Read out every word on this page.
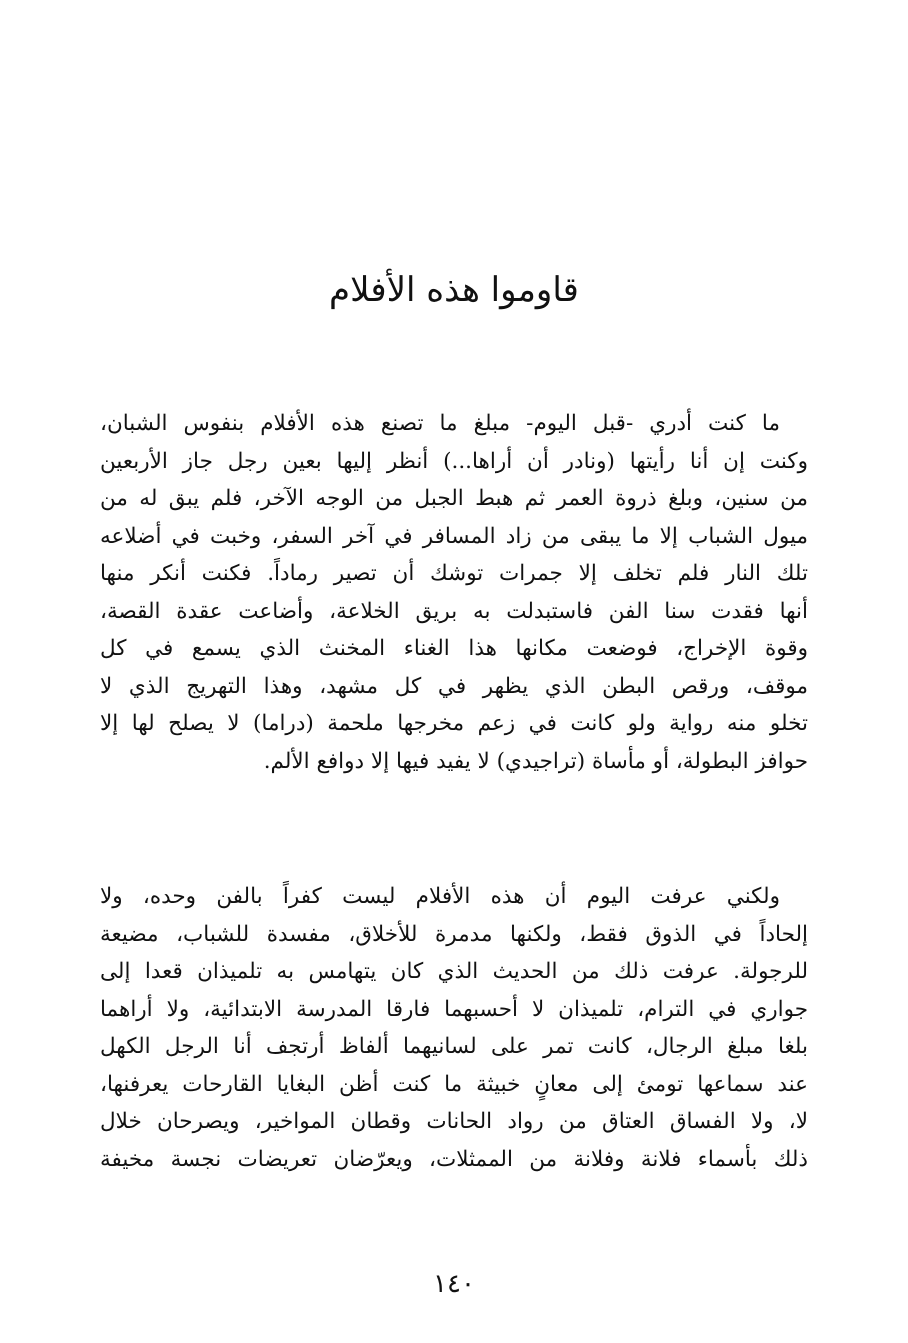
قاوموا هذه الأفلام

ما كنت أدري -قبل اليوم- مبلغ ما تصنع هذه الأفلام بنفوس الشبان،
وكنت إن أنا رأيتها (ونادر أن أراها...) أنظر إليها بعين رجل جاز الأربعين
من سنين، وبلغ ذروة العمر ثم هبط الجبل من الوجه الآخر، فلم يبق له من
ميول الشباب إلا ما يبقى من زاد المسافر في آخر السفر، وخبت في أضلاعه
تلك النار فلم تخلف إلا جمرات توشك أن تصير رماداً. فكنت أنكر منها
أنها فقدت سنا الفن فاستبدلت به بريق الخلاعة، وأضاعت عقدة القصة،
وقوة الإخراج، فوضعت مكانها هذا الغناء المخنث الذي يسمع في كل
موقف، ورقص البطن الذي يظهر في كل مشهد، وهذا التهريج الذي لا
تخلو منه رواية ولو كانت في زعم مخرجها ملحمة (دراما) لا يصلح لها إلا
حوافز البطولة، أو مأساة (تراجيدي) لا يفيد فيها إلا دوافع الألم.

ولكني عرفت اليوم أن هذه الأفلام ليست كفراً بالفن وحده، ولا
إلحاداً في الذوق فقط، ولكنها مدمرة للأخلاق، مفسدة للشباب، مضيعة
للرجولة. عرفت ذلك من الحديث الذي كان يتهامس به تلميذان قعدا إلى
جواري في الترام، تلميذان لا أحسبهما فارقا المدرسة الابتدائية، ولا أراهما
بلغا مبلغ الرجال، كانت تمر على لسانيهما ألفاظ أرتجف أنا الرجل الكهل
عند سماعها تومئ إلى معانٍ خبيثة ما كنت أظن البغايا القارحات يعرفنها،
لا، ولا الفساق العتاق من رواد الحانات وقطان المواخير، ويصرحان خلال
ذلك بأسماء فلانة وفلانة من الممثلات، ويعرّضان تعريضات نجسة مخيفة

١٤٠
